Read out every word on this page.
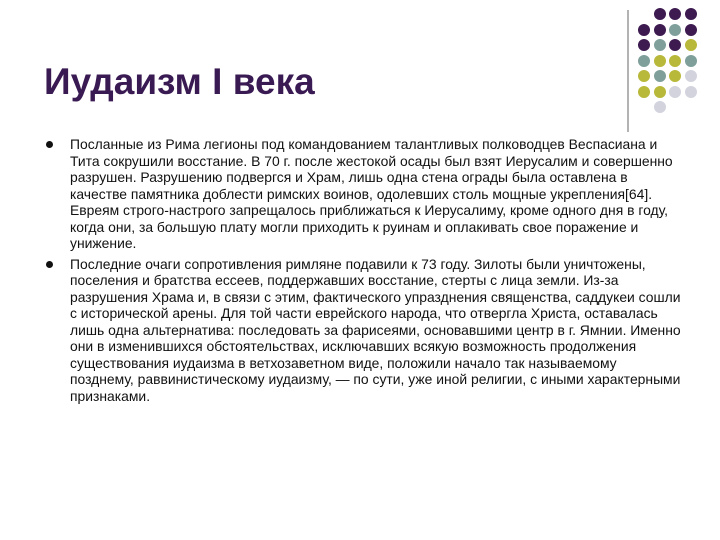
Иудаизм I века

Посланные из Рима легионы под командованием талантливых полководцев Веспасиана и Тита сокрушили восстание. В 70 г. после жестокой осады был взят Иерусалим и совершенно разрушен. Разрушению подвергся и Храм, лишь одна стена ограды была оставлена в качестве памятника доблести римских воинов, одолевших столь мощные укрепления[64]. Евреям строго-настрого запрещалось приближаться к Иерусалиму, кроме одного дня в году, когда они, за большую плату могли приходить к руинам и оплакивать свое поражение и унижение.

Последние очаги сопротивления римляне подавили к 73 году. Зилоты были уничтожены, поселения и братства ессеев, поддержавших восстание, стерты с лица земли. Из-за разрушения Храма и, в связи с этим, фактического упразднения священства, саддукеи сошли с исторической арены. Для той части еврейского народа, что отвергла Христа, оставалась лишь одна альтернатива: последовать за фарисеями, основавшими центр в г. Ямнии. Именно они в изменившихся обстоятельствах, исключавших всякую возможность продолжения существования иудаизма в ветхозаветном виде, положили начало так называемому позднему, раввинистическому иудаизму, — по сути, уже иной религии, с иными характерными признаками.
